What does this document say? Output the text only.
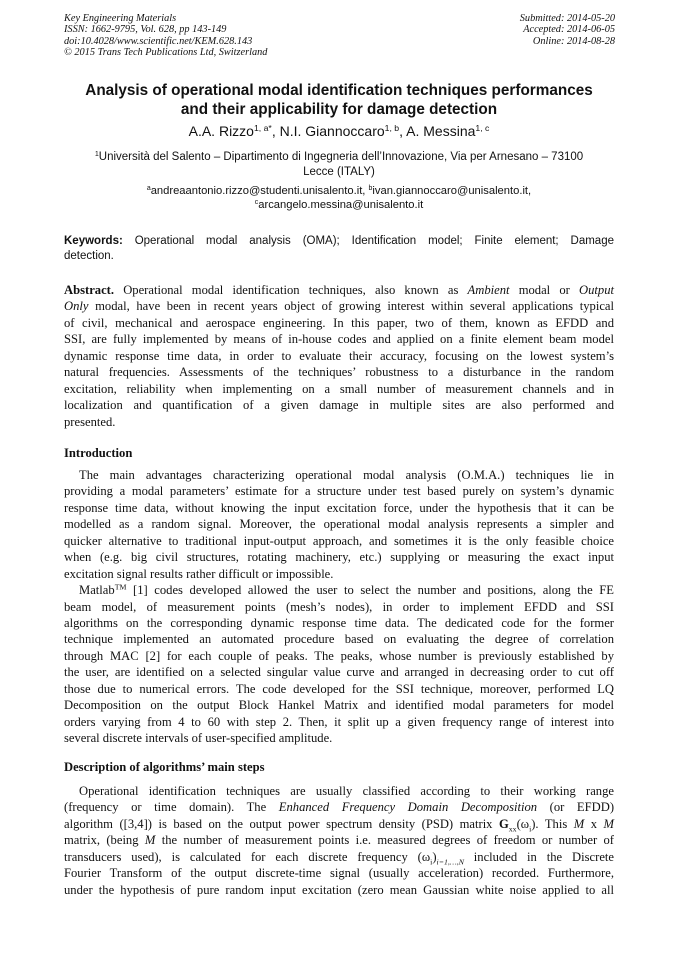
Key Engineering Materials
ISSN: 1662-9795, Vol. 628, pp 143-149
doi:10.4028/www.scientific.net/KEM.628.143
© 2015 Trans Tech Publications Ltd, Switzerland
Submitted: 2014-05-20
Accepted: 2014-06-05
Online: 2014-08-28
Analysis of operational modal identification techniques performances
and their applicability for damage detection
A.A. Rizzo$^{1, a*}$, N.I. Giannoccaro$^{1, b}$, A. Messina$^{1, c}$
$^1$Università del Salento – Dipartimento di Ingegneria dell’Innovazione, Via per Arnesano – 73100
Lecce (ITALY)
$^a$andreaantonio.rizzo@studenti.unisalento.it, $^b$ivan.giannoccaro@unisalento.it,
$^c$arcangelo.messina@unisalento.it
Keywords: Operational modal analysis (OMA); Identification model; Finite element; Damage
detection.
Abstract. Operational modal identification techniques, also known as Ambient modal or Output
Only modal, have been in recent years object of growing interest within several applications typical
of civil, mechanical and aerospace engineering. In this paper, two of them, known as EFDD and
SSI, are fully implemented by means of in-house codes and applied on a finite element beam model
dynamic response time data, in order to evaluate their accuracy, focusing on the lowest system’s
natural frequencies. Assessments of the techniques’ robustness to a disturbance in the random
excitation, reliability when implementing on a small number of measurement channels and in
localization and quantification of a given damage in multiple sites are also performed and
presented.
Introduction
The main advantages characterizing operational modal analysis (O.M.A.) techniques lie in
providing a modal parameters’ estimate for a structure under test based purely on system’s dynamic
response time data, without knowing the input excitation force, under the hypothesis that it can be
modelled as a random signal. Moreover, the operational modal analysis represents a simpler and
quicker alternative to traditional input-output approach, and sometimes it is the only feasible choice
when (e.g. big civil structures, rotating machinery, etc.) supplying or measuring the exact input
excitation signal results rather difficult or impossible.
Matlab™ [1] codes developed allowed the user to select the number and positions, along the FE
beam model, of measurement points (mesh’s nodes), in order to implement EFDD and SSI
algorithms on the corresponding dynamic response time data. The dedicated code for the former
technique implemented an automated procedure based on evaluating the degree of correlation
through MAC [2] for each couple of peaks. The peaks, whose number is previously established by
the user, are identified on a selected singular value curve and arranged in decreasing order to cut off
those due to numerical errors. The code developed for the SSI technique, moreover, performed LQ
Decomposition on the output Block Hankel Matrix and identified modal parameters for model
orders varying from 4 to 60 with step 2. Then, it split up a given frequency range of interest into
several discrete intervals of user-specified amplitude.
Description of algorithms’ main steps
Operational identification techniques are usually classified according to their working range
(frequency or time domain). The Enhanced Frequency Domain Decomposition (or EFDD)
algorithm ([3,4]) is based on the output power spectrum density (PSD) matrix $G_{xx}(\omega_i)$. This M x M
matrix, (being M the number of measurement points i.e. measured degrees of freedom or number of
transducers used), is calculated for each discrete frequency $(\omega_i)_{i=1,\dots,N}$ included in the Discrete
Fourier Transform of the output discrete-time signal (usually acceleration) recorded. Furthermore,
under the hypothesis of pure random input excitation (zero mean Gaussian white noise applied to all
